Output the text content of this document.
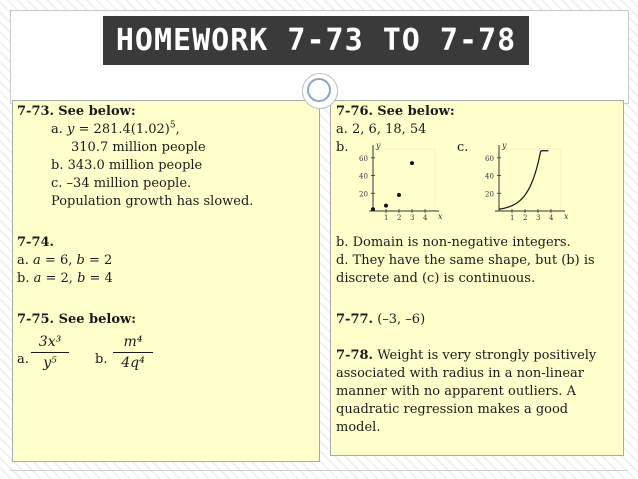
HOMEWORK 7-73 TO 7-78
7-73. See below:
a. $y = 281.4(1.02)^5$,
310.7 million people
b. 343.0 million people
c. –34 million people.
Population growth has slowed.
7-74.
a. a = 6, b = 2
b. a = 2, b = 4
7-75. See below:
a.
3x³
y⁵	b.
m⁴
4q⁴
7-76. See below:
a. 2, 6, 18, 54
b.	c.
y
x
60
40
20
1 2 3 4
y
x
60
40
20
1 2 3 4
b. Domain is non-negative integers.
d. They have the same shape, but (b) is
discrete and (c) is continuous.
7-77. (–3, –6)
7-78. Weight is very strongly positively
associated with radius in a non-linear
manner with no apparent outliers. A
quadratic regression makes a good
model.
